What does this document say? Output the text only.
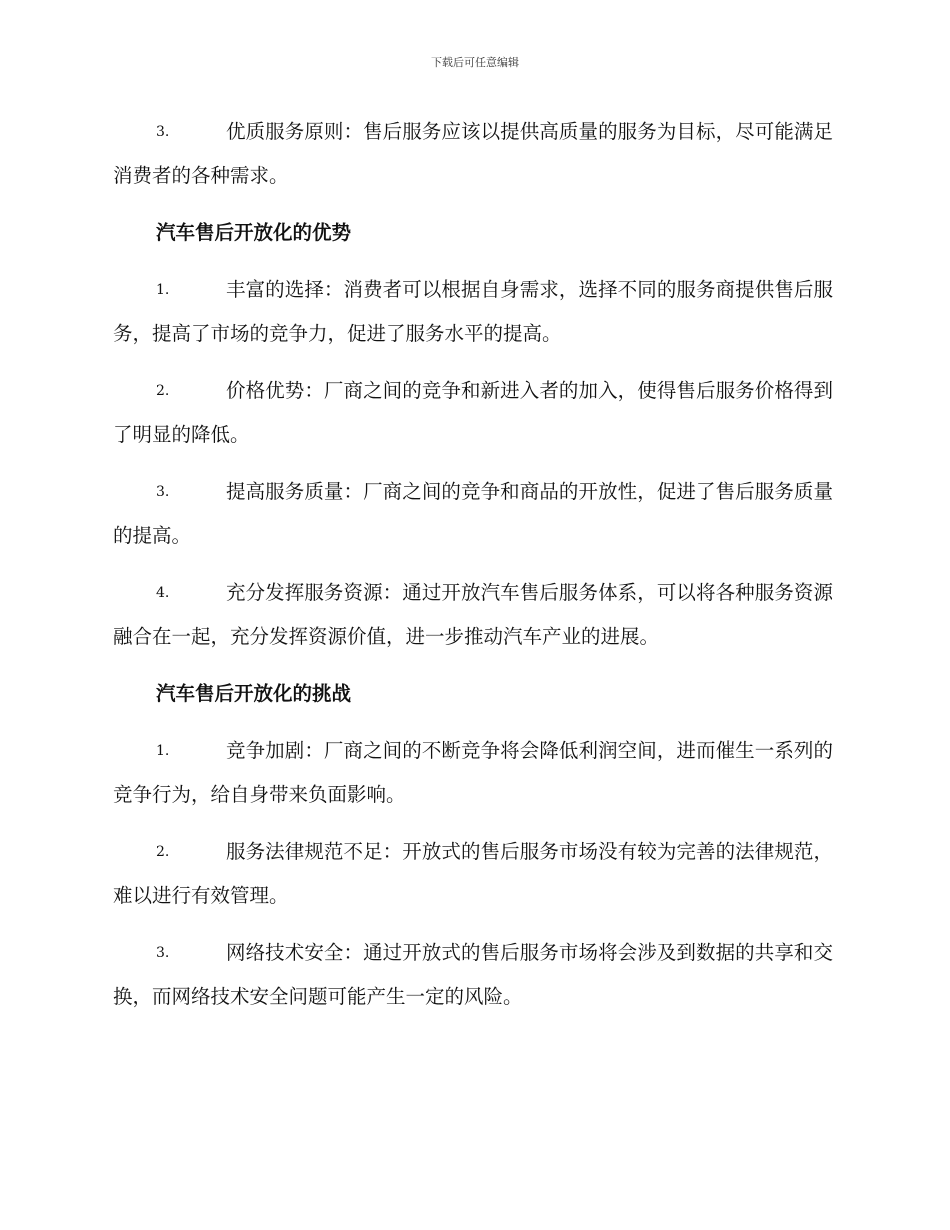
下载后可任意编辑
3.	优质服务原则：售后服务应该以提供高质量的服务为目标，尽可能满足消费者的各种需求。
汽车售后开放化的优势
1.	丰富的选择：消费者可以根据自身需求，选择不同的服务商提供售后服务，提高了市场的竞争力，促进了服务水平的提高。
2.	价格优势：厂商之间的竞争和新进入者的加入，使得售后服务价格得到了明显的降低。
3.	提高服务质量：厂商之间的竞争和商品的开放性，促进了售后服务质量的提高。
4.	充分发挥服务资源：通过开放汽车售后服务体系，可以将各种服务资源融合在一起，充分发挥资源价值，进一步推动汽车产业的进展。
汽车售后开放化的挑战
1.	竞争加剧：厂商之间的不断竞争将会降低利润空间，进而催生一系列的竞争行为，给自身带来负面影响。
2.	服务法律规范不足：开放式的售后服务市场没有较为完善的法律规范，难以进行有效管理。
3.	网络技术安全：通过开放式的售后服务市场将会涉及到数据的共享和交换，而网络技术安全问题可能产生一定的风险。
